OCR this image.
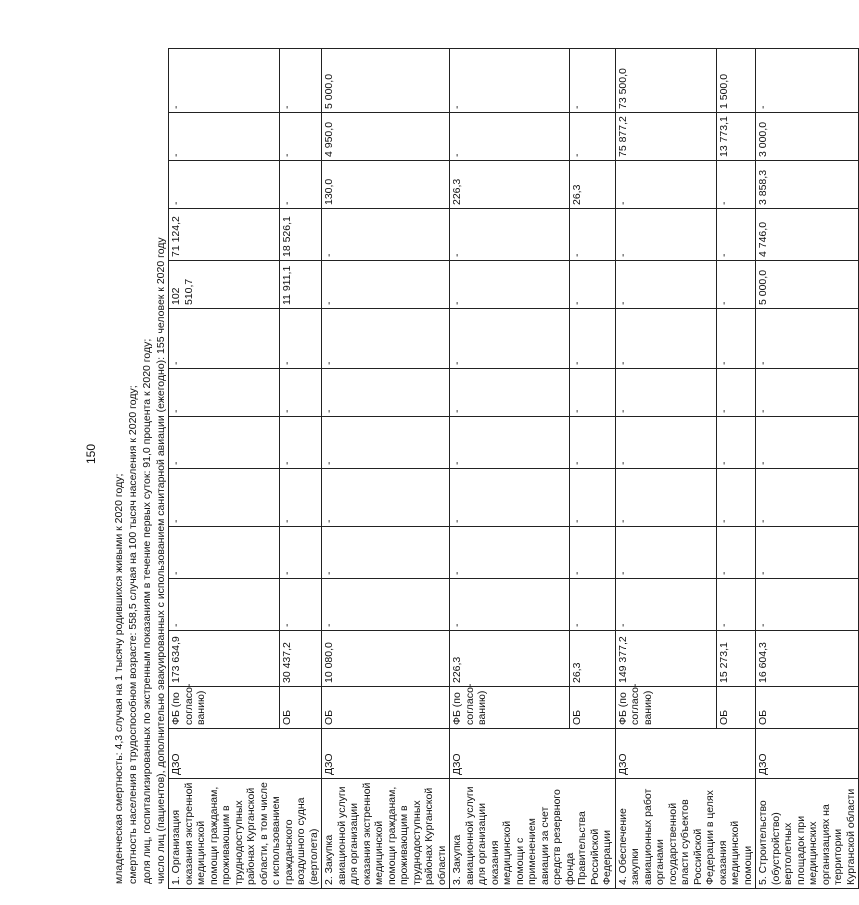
150
младенческая смертность: 4,3 случая на 1 тысячу родившихся живыми к 2020 году; смертность населения в трудоспособном возрасте: 558,5 случая на 100 тысяч населения к 2020 году; доля лиц, госпитализированных по экстренным показаниям в течение первых суток: 91,0 процента к 2020 году; число лиц (пациентов), дополнительно эвакуированных с использованием санитарной авиации (ежегодно): 155 человек к 2020 году 1. Организация оказания экстренной медицинской помощи гражданам, проживающим в труднодоступных районах Курганской области, в том числе с использованием гражданского воздушного судна (вертолета)	ДЗО	ФБ (по согласо-ванию)	173 634,9	-	-	-	-	-	-	102 510,7	71 124,2	-	-	-
		ОБ	30 437,2	-	-	-	-	-	-	11 911,1	18 526,1	-	-	-
2. Закупка авиационной услуги для организации оказания экстренной медицинской помощи гражданам, проживающим в труднодоступных районах Курганской области	ДЗО	ОБ	10 080,0	-	-	-	-	-	-	-	-	130,0	4 950,0	5 000,0
3. Закупка авиационной услуги для организации оказания медицинской помощи с применением авиации за счет средств резервного фонда Правительства Российской Федерации	ДЗО	ФБ (по согласо-ванию)	226,3	-	-	-	-	-	-	-	-	226,3	-	-
		ОБ	26,3	-	-	-	-	-	-	-	-	26,3	-	-
4. Обеспечение закупки авиационных работ органами государственной власти субъектов Российской Федерации в целях оказания медицинской помощи	ДЗО	ФБ (по согласо-ванию)	149 377,2	-	-	-	-	-	-	-	-	-	75 877,2	73 500,0
		ОБ	15 273,1	-	-	-	-	-	-	-	-	-	13 773,1	1 500,0
5. Строительство (обустройство) вертолетных площадок при медицинских организациях на территории Курганской области	ДЗО	ОБ	16 604,3	-	-	-	-	-	-	5 000,0	4 746,0	3 858,3	3 000,0	-
